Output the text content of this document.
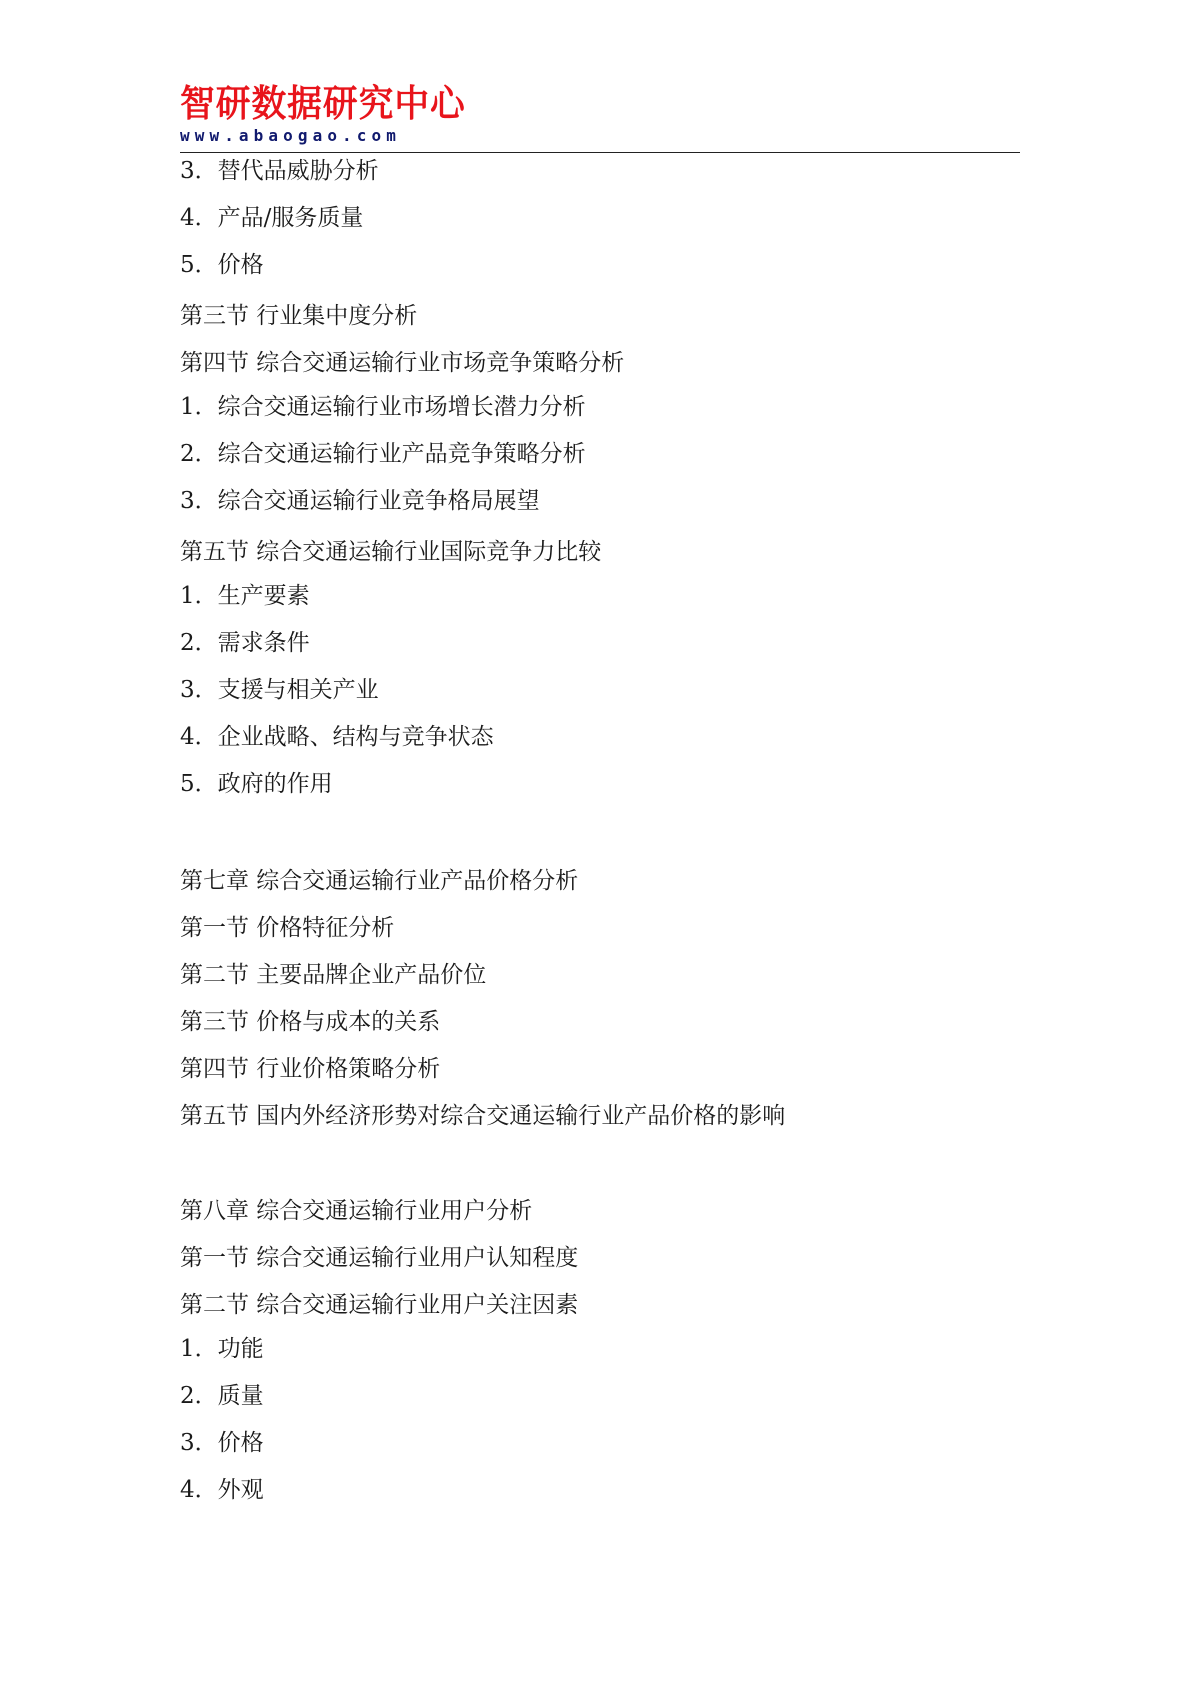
智研数据研究中心
www.abaogao.com
3．替代品威胁分析
4．产品/服务质量
5．价格
第三节 行业集中度分析
第四节 综合交通运输行业市场竞争策略分析
1．综合交通运输行业市场增长潜力分析
2．综合交通运输行业产品竞争策略分析
3．综合交通运输行业竞争格局展望
第五节 综合交通运输行业国际竞争力比较
1．生产要素
2．需求条件
3．支援与相关产业
4．企业战略、结构与竞争状态
5．政府的作用
第七章 综合交通运输行业产品价格分析
第一节 价格特征分析
第二节 主要品牌企业产品价位
第三节 价格与成本的关系
第四节 行业价格策略分析
第五节 国内外经济形势对综合交通运输行业产品价格的影响
第八章 综合交通运输行业用户分析
第一节 综合交通运输行业用户认知程度
第二节 综合交通运输行业用户关注因素
1．功能
2．质量
3．价格
4．外观
